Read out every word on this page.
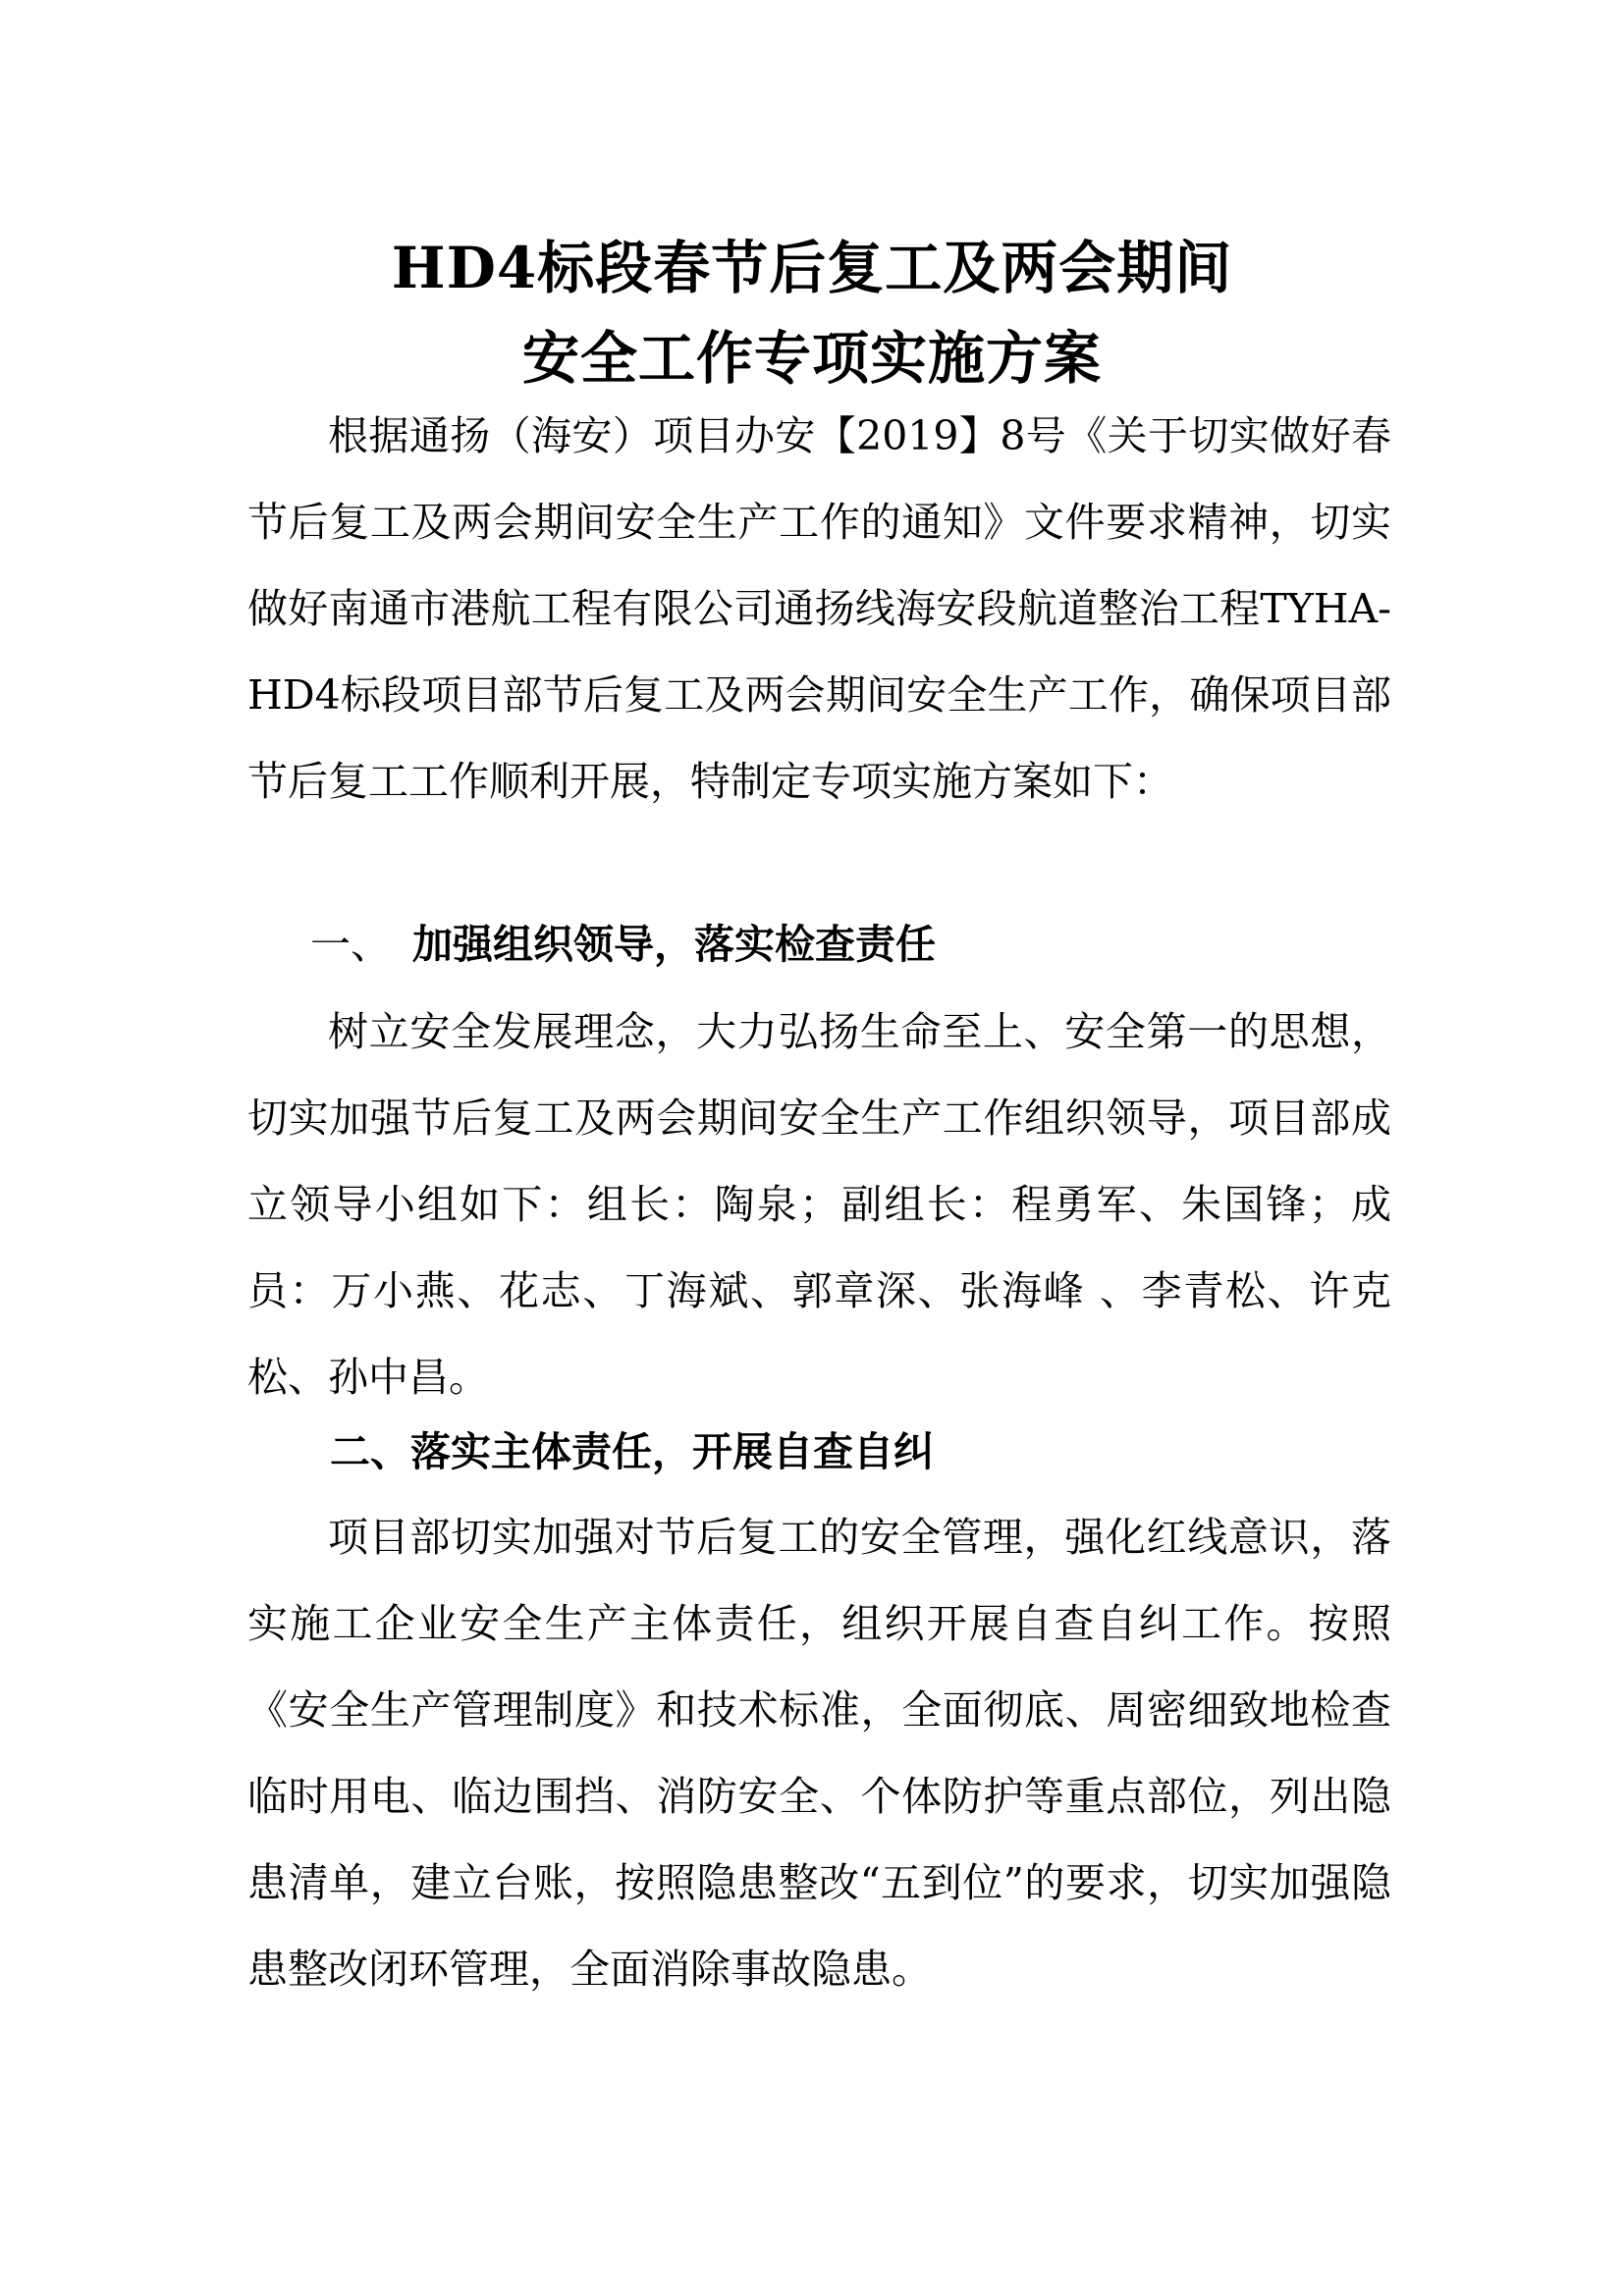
HD4标段春节后复工及两会期间
安全工作专项实施方案
根据通扬（海安）项目办安【2019】8号《关于切实做好春节后复工及两会期间安全生产工作的通知》文件要求精神，切实做好南通市港航工程有限公司通扬线海安段航道整治工程TYHA-HD4标段项目部节后复工及两会期间安全生产工作，确保项目部节后复工工作顺利开展，特制定专项实施方案如下：
一、 加强组织领导，落实检查责任
树立安全发展理念，大力弘扬生命至上、安全第一的思想，切实加强节后复工及两会期间安全生产工作组织领导，项目部成立领导小组如下：组长：陶泉；副组长：程勇军、朱国锋；成员：万小燕、花志、丁海斌、郭章深、张海峰 、李青松、许克松、孙中昌。
二、落实主体责任，开展自查自纠
项目部切实加强对节后复工的安全管理，强化红线意识，落实施工企业安全生产主体责任，组织开展自查自纠工作。按照《安全生产管理制度》和技术标准，全面彻底、周密细致地检查临时用电、临边围挡、消防安全、个体防护等重点部位，列出隐患清单，建立台账，按照隐患整改“五到位”的要求，切实加强隐患整改闭环管理，全面消除事故隐患。
